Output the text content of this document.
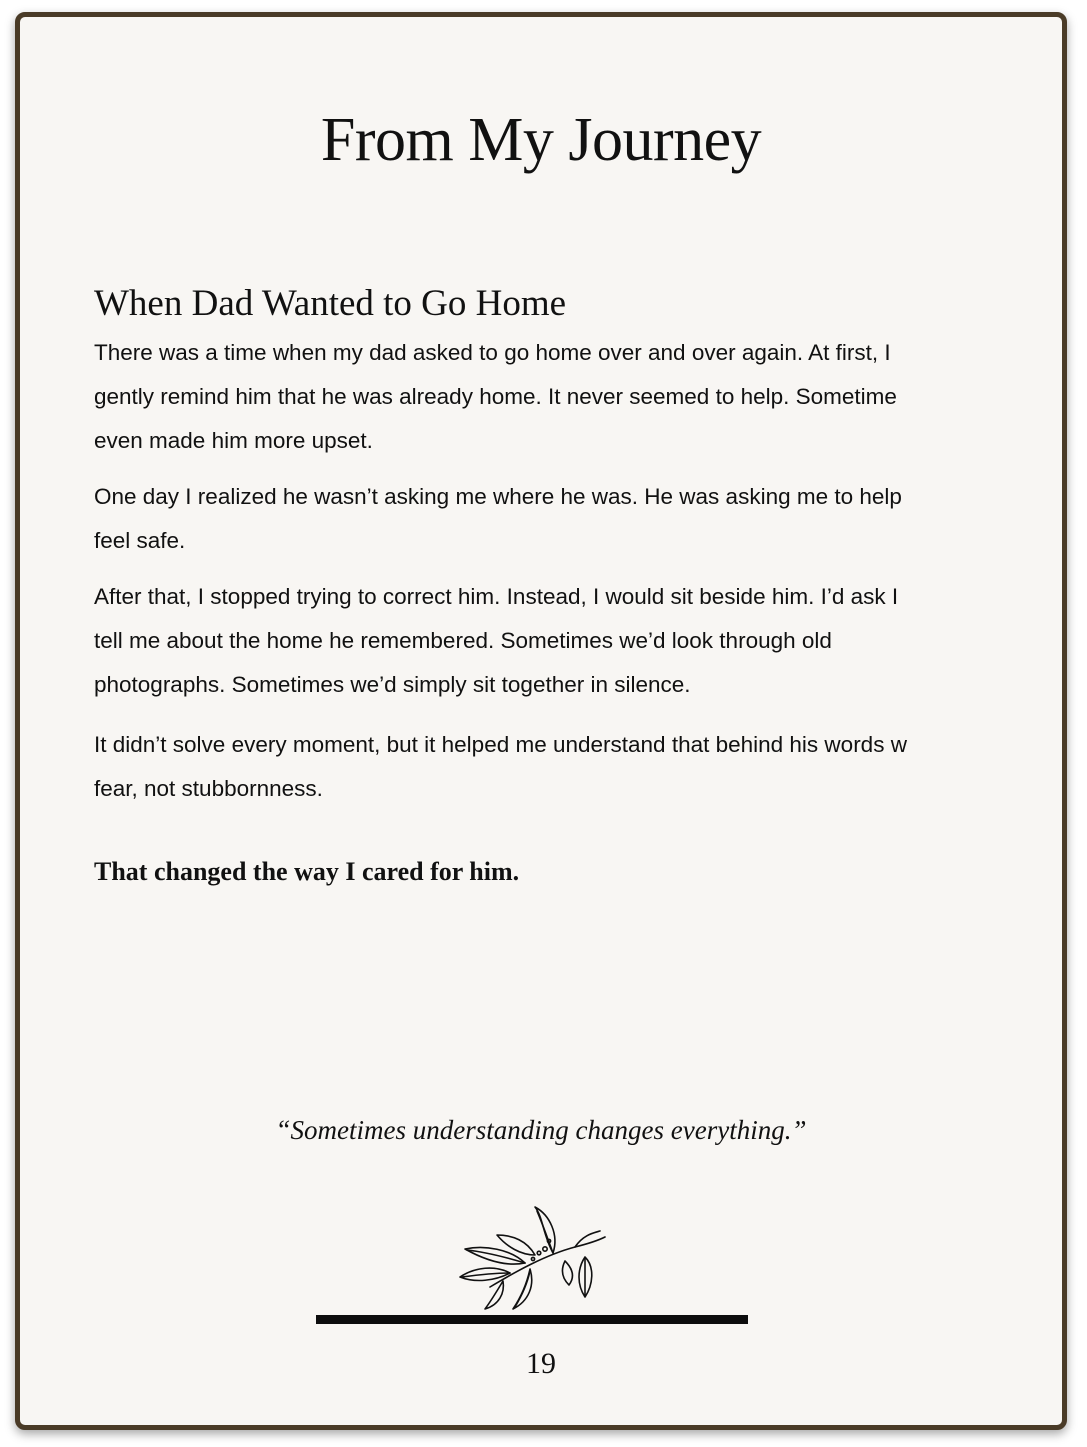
From My Journey
When Dad Wanted to Go Home

There was a time when my dad asked to go home over and over again. At first, I
gently remind him that he was already home. It never seemed to help. Sometime
even made him more upset.

One day I realized he wasn’t asking me where he was. He was asking me to help
feel safe.

After that, I stopped trying to correct him. Instead, I would sit beside him. I’d ask I
tell me about the home he remembered. Sometimes we’d look through old
photographs. Sometimes we’d simply sit together in silence.

It didn’t solve every moment, but it helped me understand that behind his words w
fear, not stubbornness.

That changed the way I cared for him.

“Sometimes understanding changes everything.”

19
